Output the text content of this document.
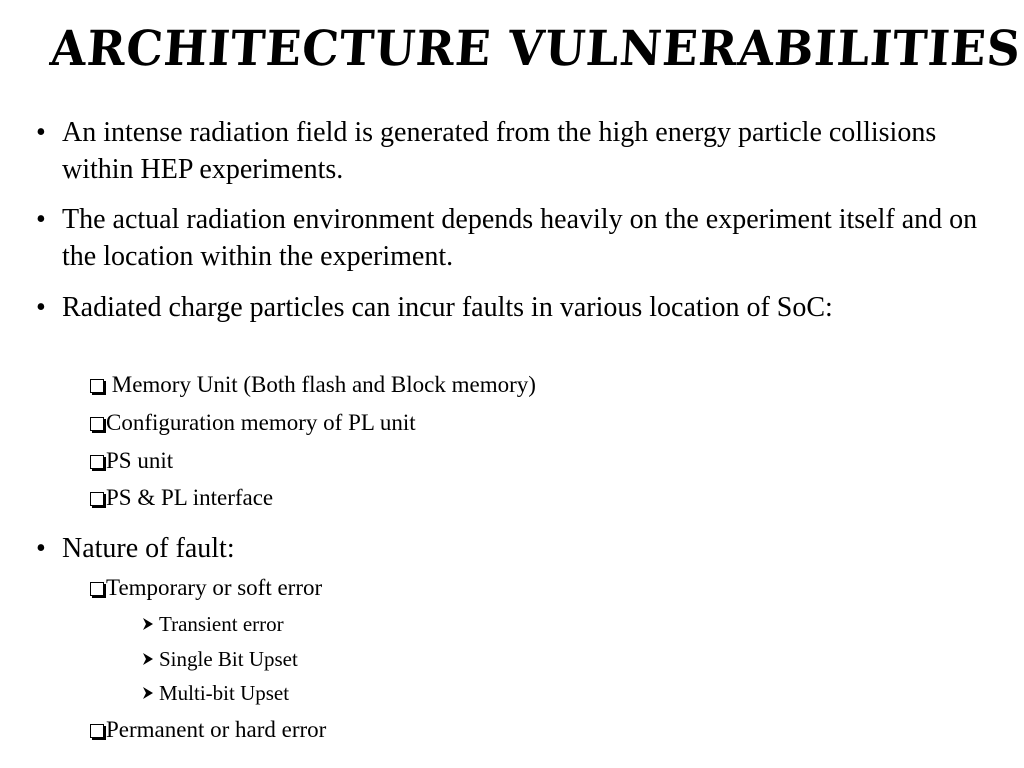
ARCHITECTURE VULNERABILITIES
• An intense radiation field is generated from the high energy particle collisions within HEP experiments.
• The actual radiation environment depends heavily on the experiment itself and on the location within the experiment.
• Radiated charge particles can incur faults in various location of SoC:
Memory Unit (Both flash and Block memory)
Configuration memory of PL unit
PS unit
PS & PL interface
• Nature of fault:
Temporary or soft error
Transient error
Single Bit Upset
Multi-bit Upset
Permanent or hard error
